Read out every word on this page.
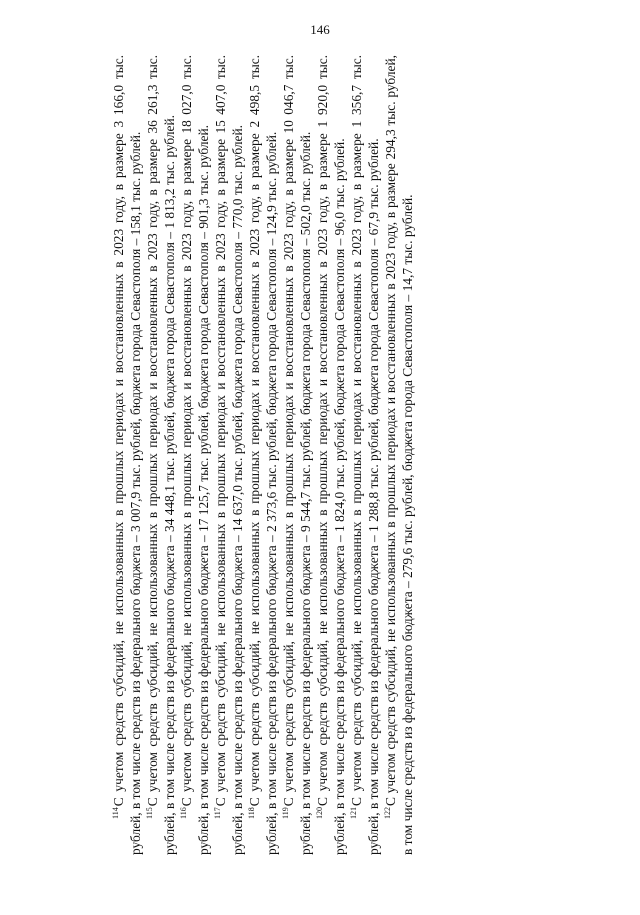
146

$^{114}$С учетом средств субсидий, не использованных в прошлых периодах и восстановленных в 2023 году, в размере 3 166,0 тыс. рублей, в том числе средств из федерального бюджета – 3 007,9 тыс. рублей, бюджета города Севастополя – 158,1 тыс. рублей. $^{115}$С учетом средств субсидий, не использованных в прошлых периодах и восстановленных в 2023 году, в размере 36 261,3 тыс. рублей, в том числе средств из федерального бюджета – 34 448,1 тыс. рублей, бюджета города Севастополя – 1 813,2 тыс. рублей. $^{116}$С учетом средств субсидий, не использованных в прошлых периодах и восстановленных в 2023 году, в размере 18 027,0 тыс. рублей, в том числе средств из федерального бюджета – 17 125,7 тыс. рублей, бюджета города Севастополя – 901,3 тыс. рублей. $^{117}$С учетом средств субсидий, не использованных в прошлых периодах и восстановленных в 2023 году, в размере 15 407,0 тыс. рублей, в том числе средств из федерального бюджета – 14 637,0 тыс. рублей, бюджета города Севастополя – 770,0 тыс. рублей. $^{118}$С учетом средств субсидий, не использованных в прошлых периодах и восстановленных в 2023 году, в размере 2 498,5 тыс. рублей, в том числе средств из федерального бюджета – 2 373,6 тыс. рублей, бюджета города Севастополя – 124,9 тыс. рублей. $^{119}$С учетом средств субсидий, не использованных в прошлых периодах и восстановленных в 2023 году, в размере 10 046,7 тыс. рублей, в том числе средств из федерального бюджета – 9 544,7 тыс. рублей, бюджета города Севастополя – 502,0 тыс. рублей. $^{120}$С учетом средств субсидий, не использованных в прошлых периодах и восстановленных в 2023 году, в размере 1 920,0 тыс. рублей, в том числе средств из федерального бюджета – 1 824,0 тыс. рублей, бюджета города Севастополя – 96,0 тыс. рублей. $^{121}$С учетом средств субсидий, не использованных в прошлых периодах и восстановленных в 2023 году, в размере 1 356,7 тыс. рублей, в том числе средств из федерального бюджета – 1 288,8 тыс. рублей, бюджета города Севастополя – 67,9 тыс. рублей. $^{122}$С учетом средств субсидий, не использованных в прошлых периодах и восстановленных в 2023 году, в размере 294,3 тыс. рублей, в том числе средств из федерального бюджета – 279,6 тыс. рублей, бюджета города Севастополя – 14,7 тыс. рублей.
